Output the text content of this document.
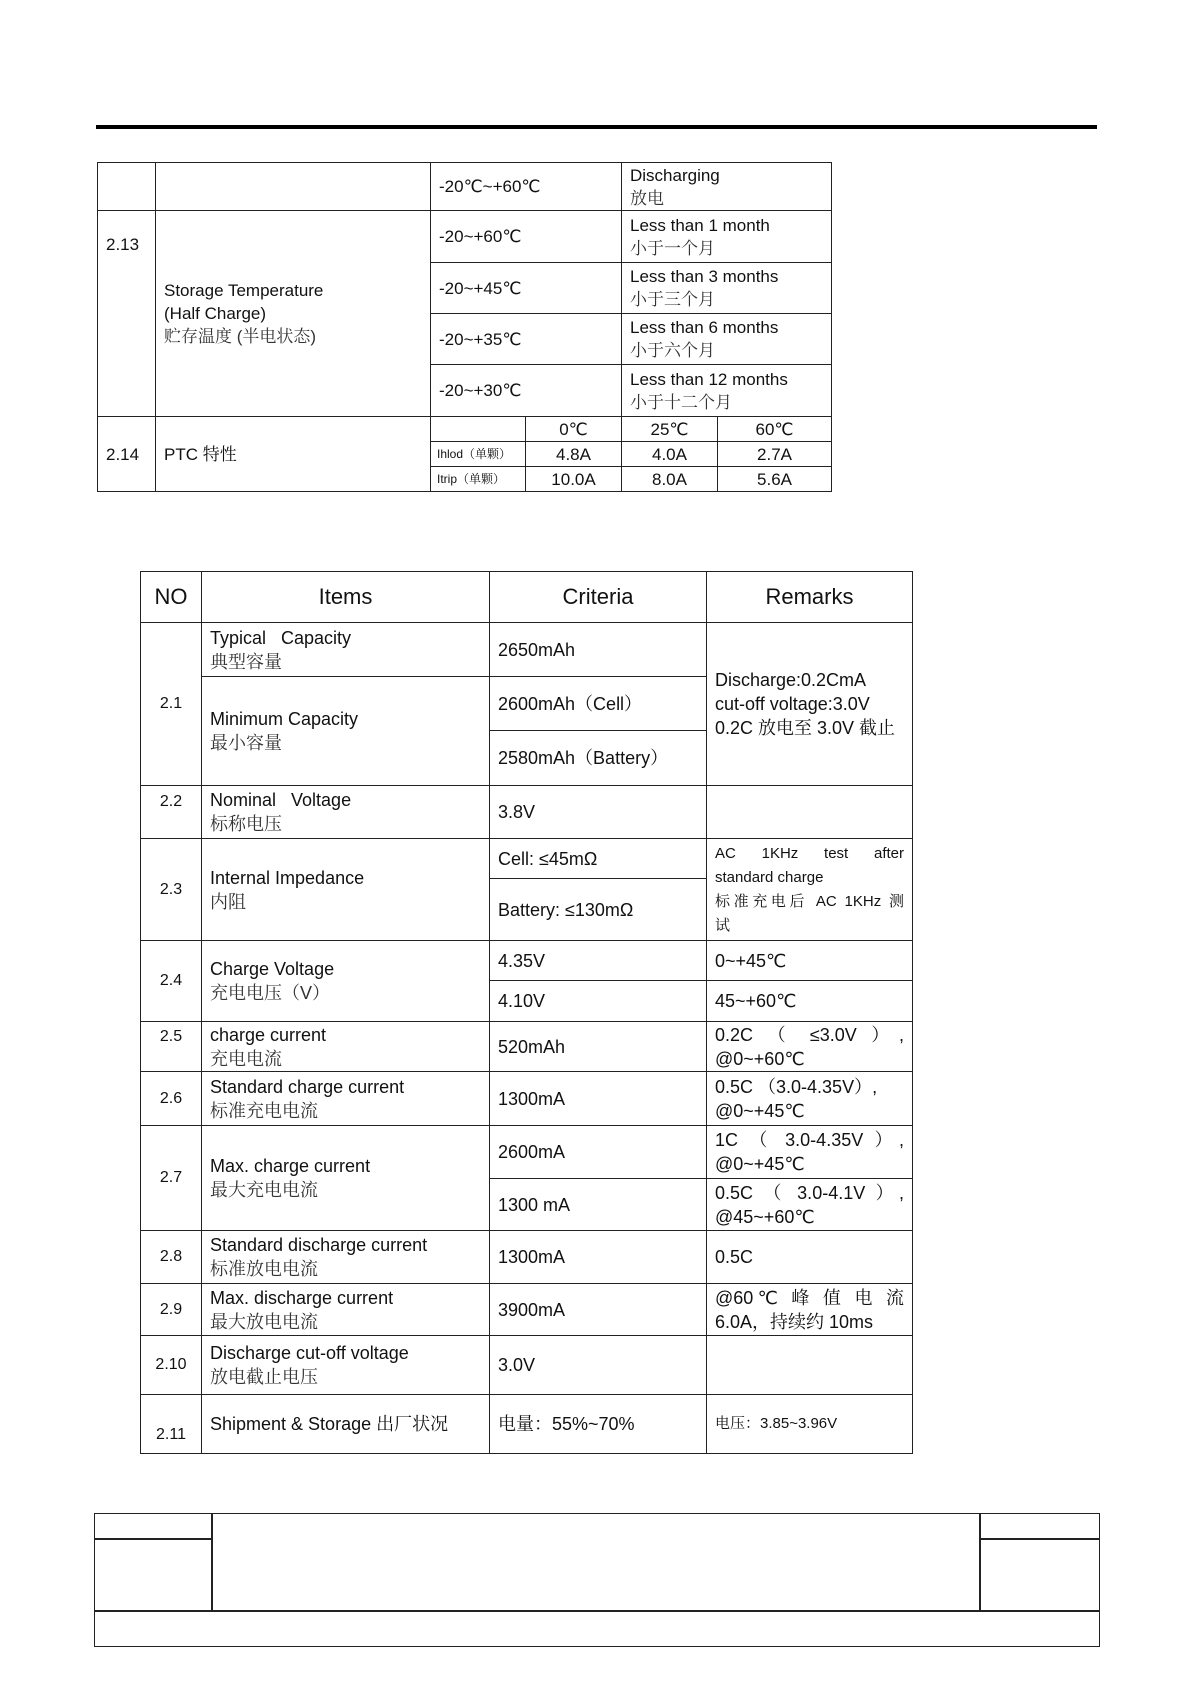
		-20℃~+60℃		Discharging
放电	

2.13	Storage Temperature
(Half Charge)
贮存温度 (半电状态)	-20~+60℃		Less than 1 month
小于一个月	

		-20~+45℃		Less than 3 months
小于三个月	

		-20~+35℃		Less than 6 months
小于六个月	

		-20~+30℃		Less than 12 months
小于十二个月	

2.14	PTC 特性		0℃	25℃	60℃
		Ihlod（单颗）	4.8A	4.0A	2.7A
		Itrip（单颗）	10.0A	8.0A	5.6A
NO	Items	Criteria	Remarks
2.1	Typical   Capacity
典型容量	2650mAh	Discharge:0.2CmA
cut-off voltage:3.0V
0.2C 放电至 3.0V 截止

	Minimum Capacity
最小容量	2600mAh（Cell）	
		2580mAh（Battery）	
2.2	Nominal   Voltage
标称电压	3.8V	
2.3	Internal Impedance
内阻	Cell: ≤45mΩ	AC 1KHz test after
standard charge
标准充电后 AC 1KHz 测
试

		Battery: ≤130mΩ	
2.4	Charge Voltage
充电电压（V）	4.35V	0~+45℃
		4.10V	45~+60℃
2.5	charge current
充电电流	520mAh	0.2C （ ≤3.0V ）,
@0~+60℃

2.6	Standard charge current
标准充电电流	1300mA	0.5C （3.0-4.35V）,
@0~+45℃

2.7	Max. charge current
最大充电电流	2600mA	1C （ 3.0-4.35V ）,
@0~+45℃

		1300 mA	0.5C （ 3.0-4.1V ）,
@45~+60℃

2.8	Standard discharge current
标准放电电流	1300mA	0.5C
2.9	Max. discharge current
最大放电电流	3900mA	@60℃ 峰 值 电 流
6.0A，持续约 10ms

2.10	Discharge cut-off voltage
放电截止电压	3.0V	
2.11	Shipment & Storage 出厂状况	电量：55%~70%	电压：3.85~3.96V
